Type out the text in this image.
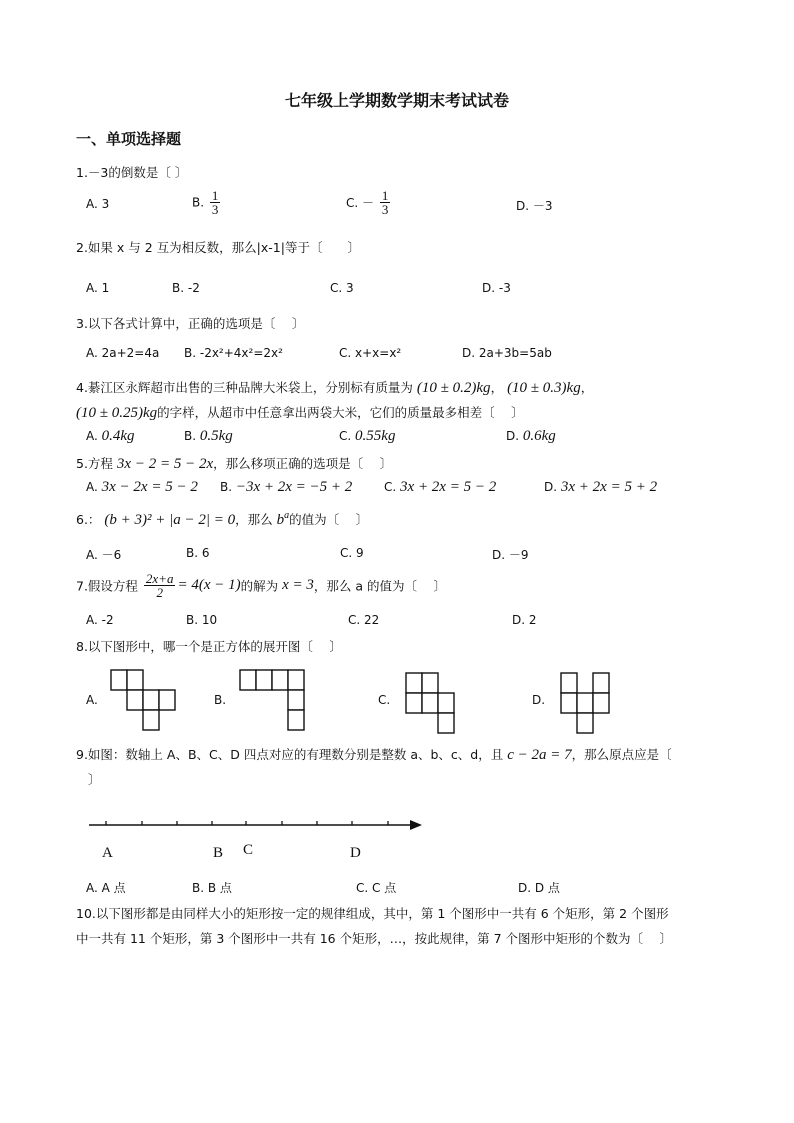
七年级上学期数学期末考试试卷
一、单项选择题
1.－3的倒数是〔 〕
A. 3	B. $\frac{1}{3}$	C. － $\frac{1}{3}$	D. －3
2.如果 x 与 2 互为相反数，那么|x-1|等于〔　　〕
A. 1	B. -2	C. 3	D. -3
3.以下各式计算中，正确的选项是〔　 〕
A. 2a+2=4a B. -2x²+4x²=2x²	C. x+x=x²	D. 2a+3b=5ab
4.綦江区永辉超市出售的三种品牌大米袋上，分别标有质量为 (10 ± 0.2)kg， (10 ± 0.3)kg，
(10 ± 0.25)kg的字样，从超市中任意拿出两袋大米，它们的质量最多相差〔　 〕
A. 0.4kg	B. 0.5kg	C. 0.55kg	D. 0.6kg
5.方程 3x − 2 = 5 − 2x，那么移项正确的选项是〔　 〕
A. 3x − 2x = 5 − 2 B. −3x + 2x = −5 + 2	C. 3x + 2x = 5 − 2	D. 3x + 2x = 5 + 2
6.： (b + 3)² + |a − 2| = 0，那么 $b^a$的值为〔　 〕
A. －6	B. 6	C. 9	D. －9
7.假设方程 $\frac{2x+a}{2} = 4(x - 1)$的解为 x = 3，那么 a 的值为〔　 〕
A. -2	B. 10	C. 22	D. 2
8.以下图形中，哪一个是正方体的展开图〔　 〕
A.	B.	C.	D.
9.如图：数轴上 A、B、C、D 四点对应的有理数分别是整数 a、b、c、d，且 c − 2a = 7，那么原点应是〔
〕
A	B C	D
A. A 点	B. B 点	C. C 点	D. D 点
10.以下图形都是由同样大小的矩形按一定的规律组成，其中，第 1 个图形中一共有 6 个矩形，第 2 个图形
中一共有 11 个矩形，第 3 个图形中一共有 16 个矩形，…，按此规律，第 7 个图形中矩形的个数为〔　 〕
